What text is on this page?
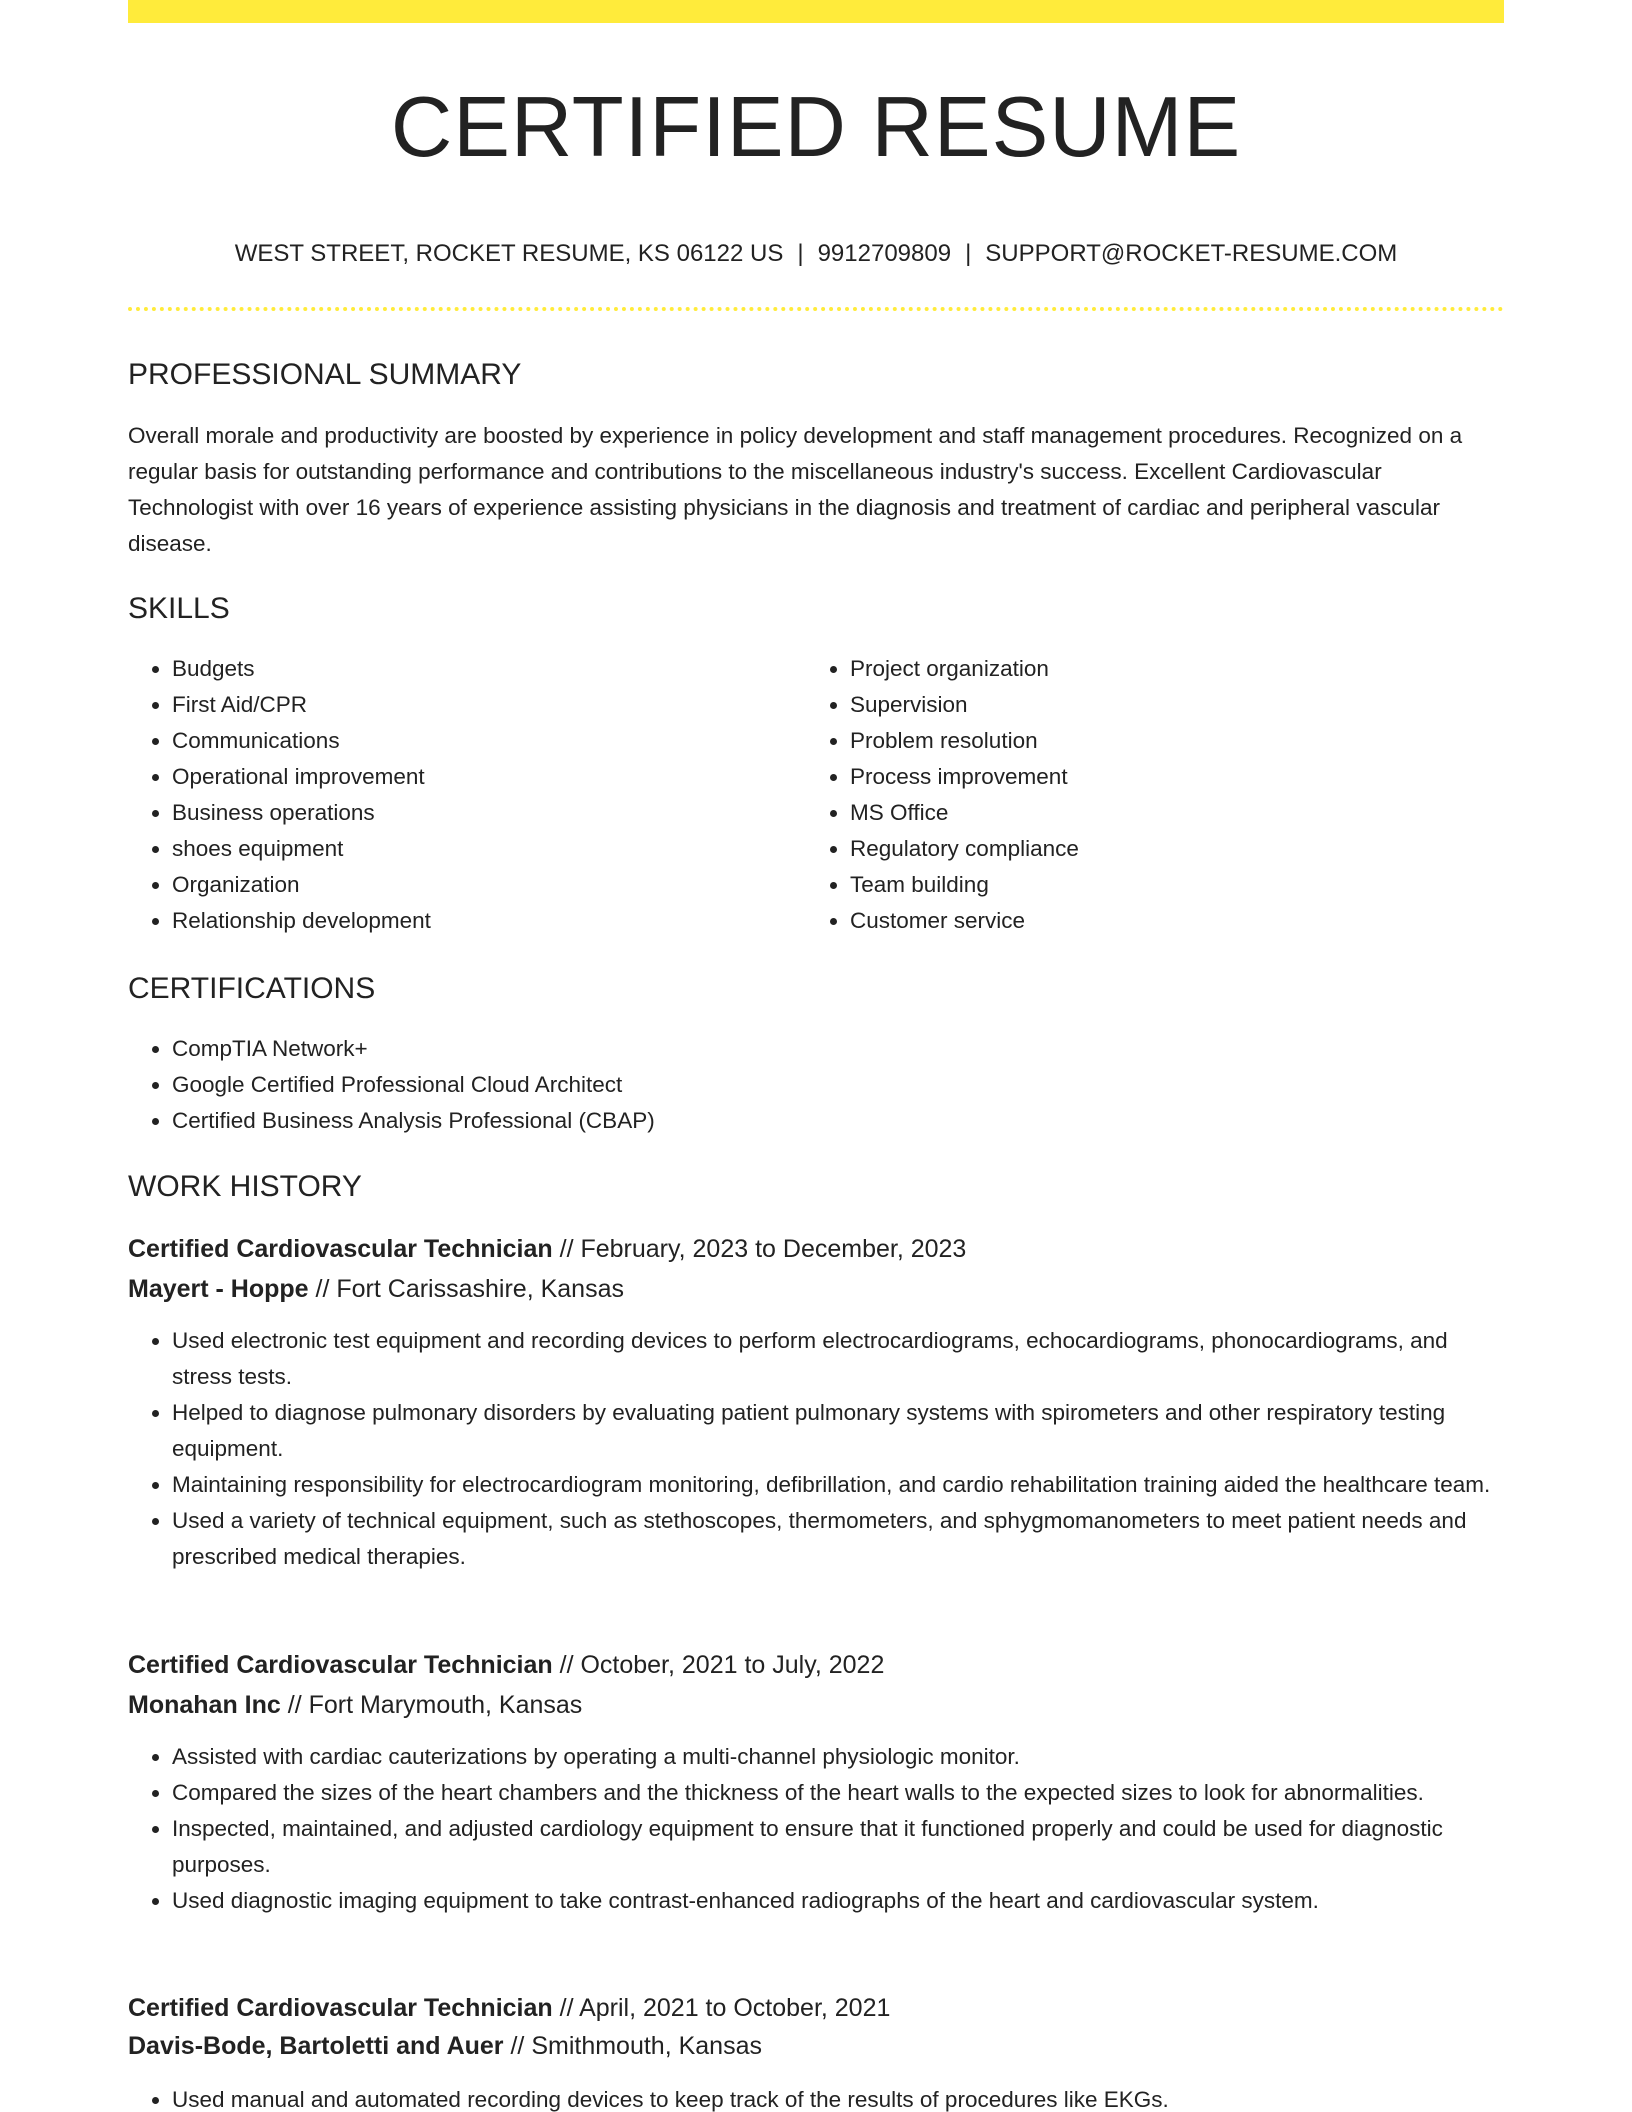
CERTIFIED RESUME
WEST STREET, ROCKET RESUME, KS 06122 US | 9912709809 | SUPPORT@ROCKET-RESUME.COM
PROFESSIONAL SUMMARY

Overall morale and productivity are boosted by experience in policy development and staff management procedures. Recognized on a regular basis for outstanding performance and contributions to the miscellaneous industry's success. Excellent Cardiovascular Technologist with over 16 years of experience assisting physicians in the diagnosis and treatment of cardiac and peripheral vascular disease.

SKILLS
• Budgets
• First Aid/CPR
• Communications
• Operational improvement
• Business operations
• shoes equipment
• Organization
• Relationship development
• Project organization
• Supervision
• Problem resolution
• Process improvement
• MS Office
• Regulatory compliance
• Team building
• Customer service
CERTIFICATIONS
• CompTIA Network+
• Google Certified Professional Cloud Architect
• Certified Business Analysis Professional (CBAP)
WORK HISTORY
Certified Cardiovascular Technician // February, 2023 to December, 2023
Mayert - Hoppe // Fort Carissashire, Kansas
• Used electronic test equipment and recording devices to perform electrocardiograms, echocardiograms, phonocardiograms, and stress tests.
• Helped to diagnose pulmonary disorders by evaluating patient pulmonary systems with spirometers and other respiratory testing equipment.
• Maintaining responsibility for electrocardiogram monitoring, defibrillation, and cardio rehabilitation training aided the healthcare team.
• Used a variety of technical equipment, such as stethoscopes, thermometers, and sphygmomanometers to meet patient needs and prescribed medical therapies.
Certified Cardiovascular Technician // October, 2021 to July, 2022
Monahan Inc // Fort Marymouth, Kansas
• Assisted with cardiac cauterizations by operating a multi-channel physiologic monitor.
• Compared the sizes of the heart chambers and the thickness of the heart walls to the expected sizes to look for abnormalities.
• Inspected, maintained, and adjusted cardiology equipment to ensure that it functioned properly and could be used for diagnostic purposes.
• Used diagnostic imaging equipment to take contrast-enhanced radiographs of the heart and cardiovascular system.
Certified Cardiovascular Technician // April, 2021 to October, 2021
Davis-Bode, Bartoletti and Auer // Smithmouth, Kansas
• Used manual and automated recording devices to keep track of the results of procedures like EKGs.
